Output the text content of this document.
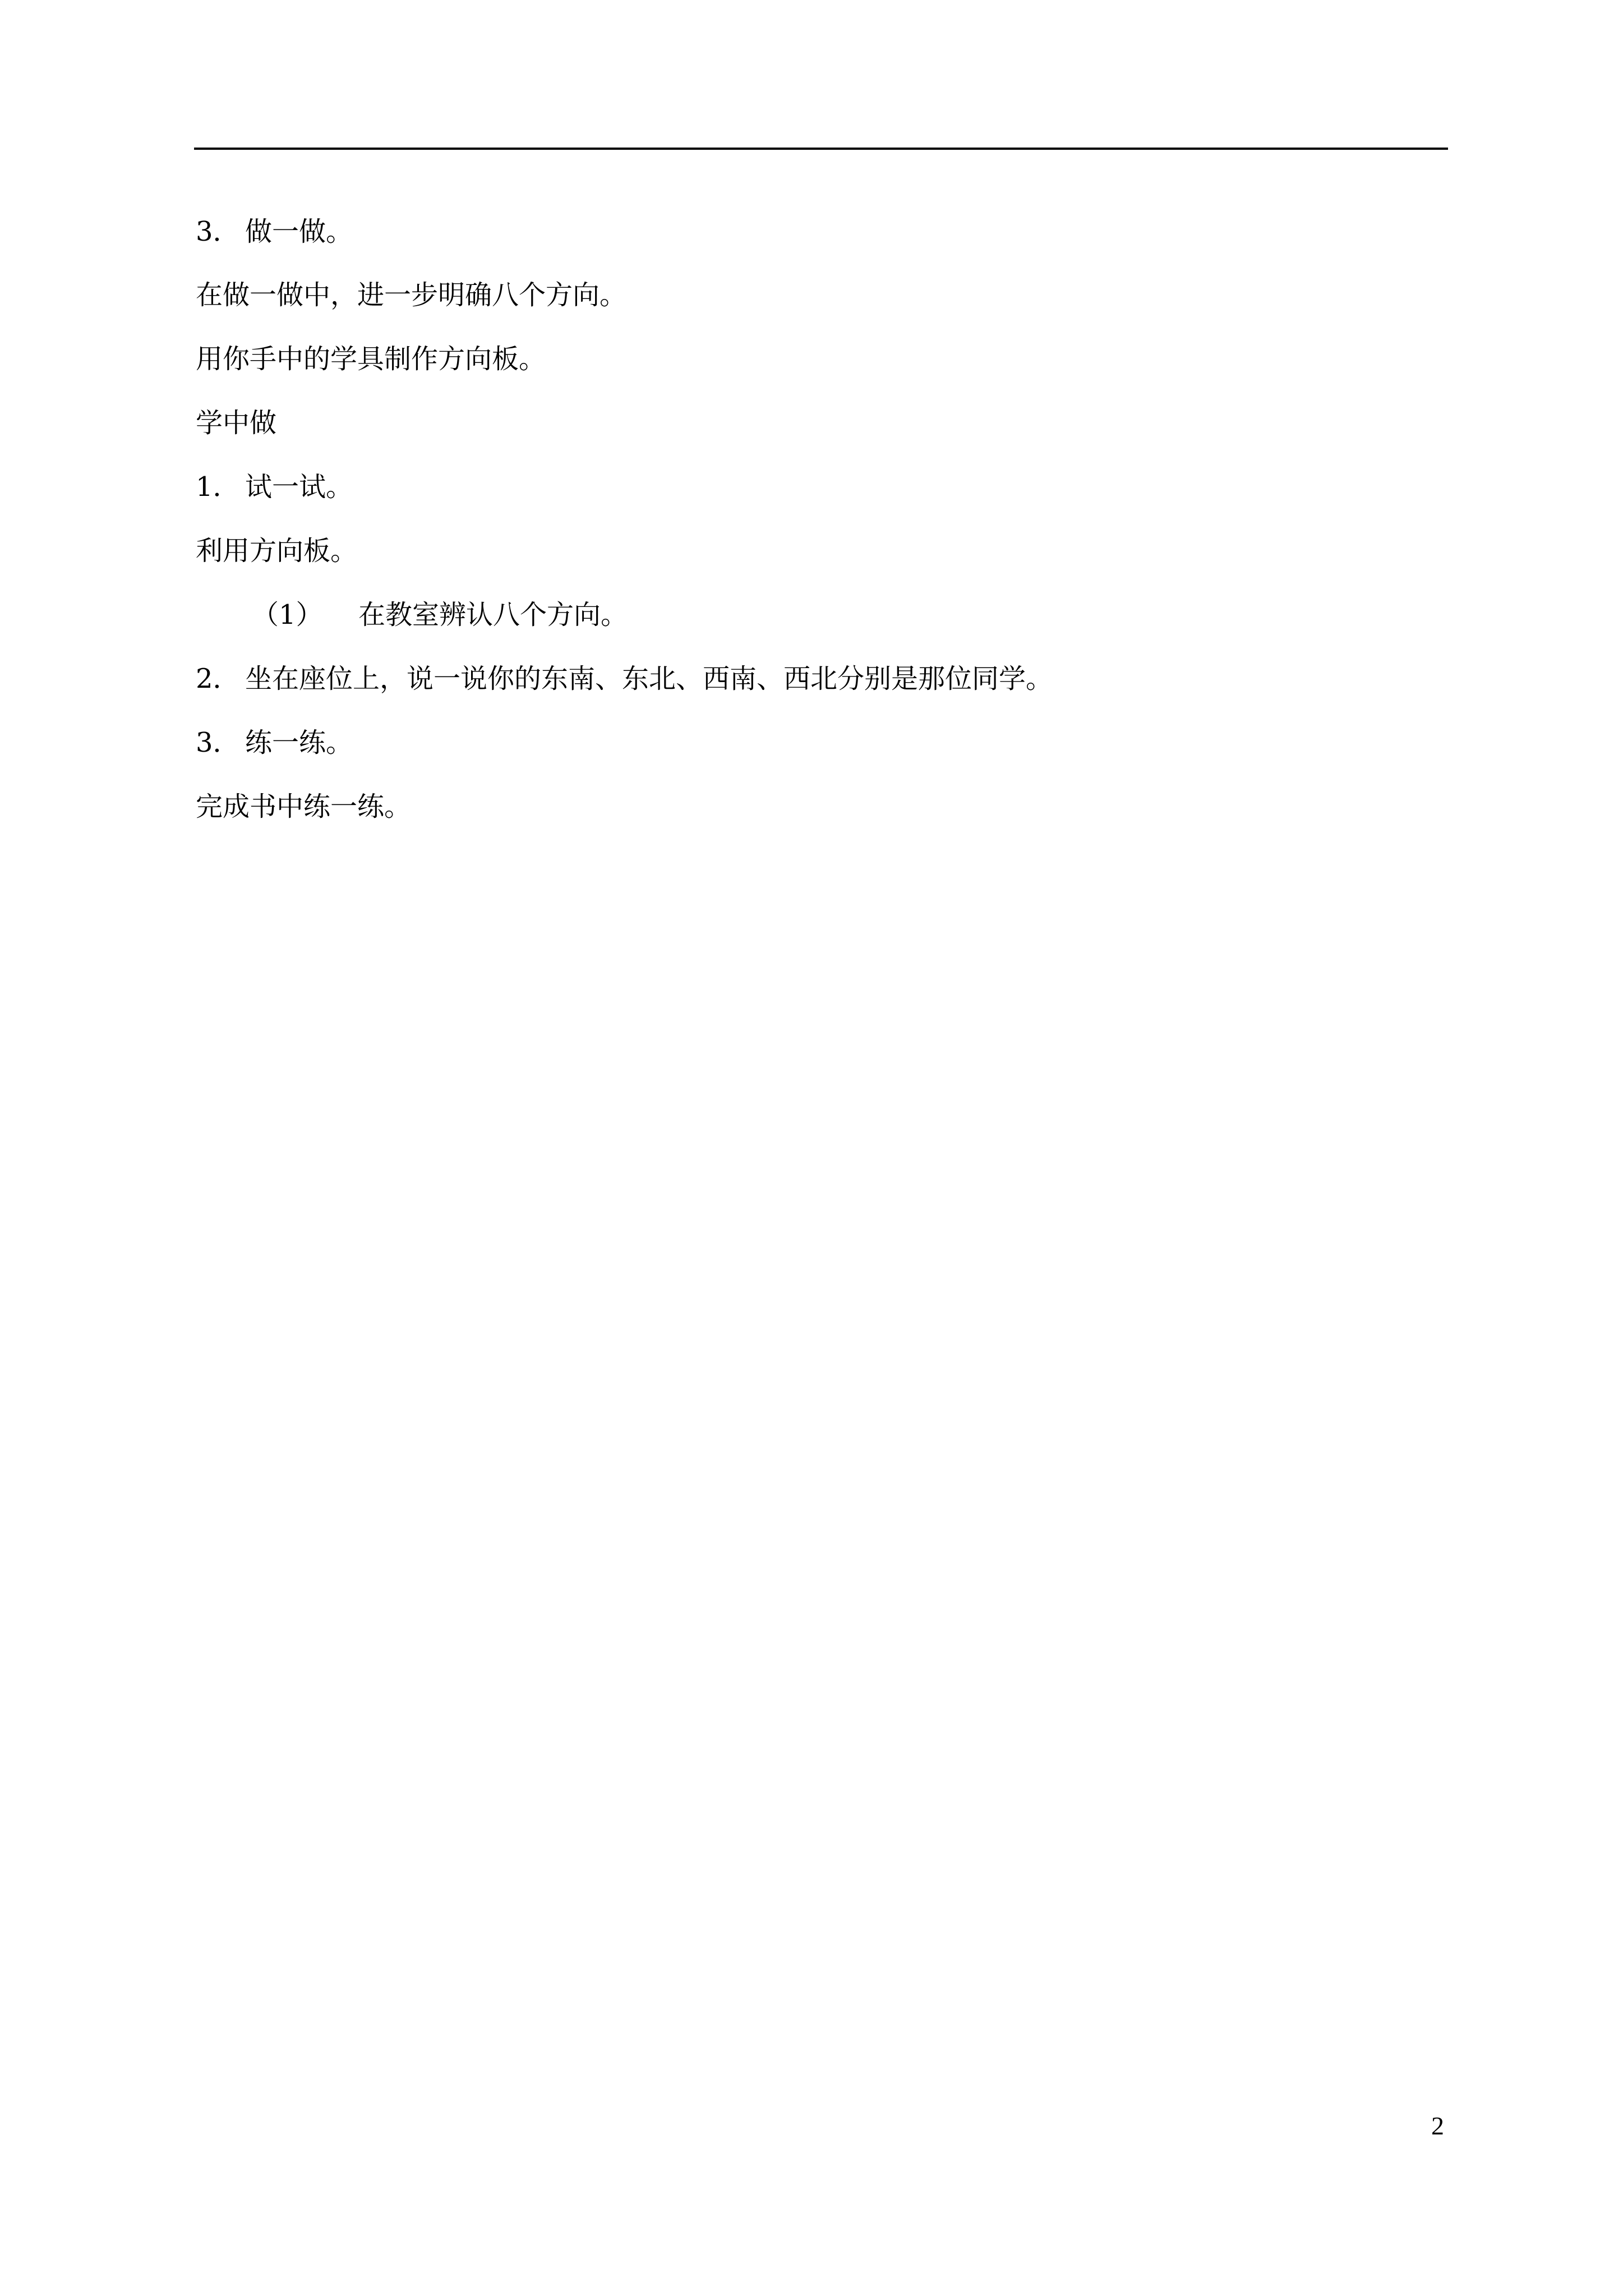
3． 做一做。
在做一做中，进一步明确八个方向。
用你手中的学具制作方向板。
学中做
1． 试一试。
利用方向板。
（1） 在教室辨认八个方向。
2． 坐在座位上，说一说你的东南、东北、西南、西北分别是那位同学。
3． 练一练。
完成书中练一练。
2
